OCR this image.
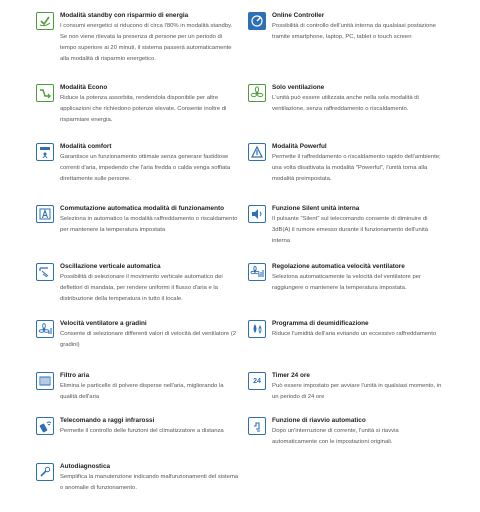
Modalità standby con risparmio di energia
I consumi energetici si riducono di circa l'80% in modalità standby. Se non viene rilevata la presenza di persone per un periodo di tempo superiore ai 20 minuti, il sistema passerà automaticamente alla modalità di risparmio energetico.
Online Controller
Possibilità di controllo dell'unità interna da qualsiasi postazione tramite smartphone, laptop, PC, tablet o touch screen
Modalità Econo
Riduce la potenza assorbita, rendendola disponibile per altre applicazioni che richiedono potenze elevate. Consente inoltre di risparmiare energia.
Solo ventilazione
L'unità può essere utilizzata anche nella sola modalità di ventilazione, senza raffreddamento o riscaldamento.
Modalità comfort
Garantisce un funzionamento ottimale senza generare fastidiose correnti d'aria, impedendo che l'aria fredda o calda venga soffiata direttamente sulle persone.
Modalità Powerful
Permette il raffreddamento o riscaldamento rapido dell'ambiente; una volta disattivata la modalità "Powerful", l'unità torna alla modalità preimpostata.
Commutazione automatica modalità di funzionamento
Seleziona in automatico la modalità raffreddamento o riscaldamento per mantenere la temperatura impostata
Funzione Silent unità interna
Il pulsante "Silent" sul telecomando consente di diminuire di 3dB(A) il rumore emesso durante il funzionamento dell'unità interna
Oscillazione verticale automatica
Possibilità di selezionare il movimento verticale automatico dei deflettori di mandata, per rendere uniformi il flusso d'aria e la distribuzione della temperatura in tutto il locale.
Regolazione automatica velocità ventilatore
Seleziona automaticamente la velocità del ventilatore per raggiungere o mantenere la temperatura impostata.
Velocità ventilatore a gradini
Consente di selezionare differenti valori di velocità del ventilatore (2 gradini)
Programma di deumidificazione
Riduce l'umidità dell'aria evitando un eccessivo raffreddamento
Filtro aria
Elimina le particelle di polvere disperse nell'aria, migliorando la qualità dell'aria
24
Timer 24 ore
Può essere impostato per avviare l'unità in qualsiasi momento, in un periodo di 24 ore
Telecomando a raggi infrarossi
Permette il controllo delle funzioni del climatizzatore a distanza
Funzione di riavvio automatico
Dopo un'interruzione di corrente, l'unità si riavvia automaticamente con le impostazioni originali.
Autodiagnostica
Semplifica la manutenzione indicando malfunzionamenti del sistema o anomalie di funzionamento.
